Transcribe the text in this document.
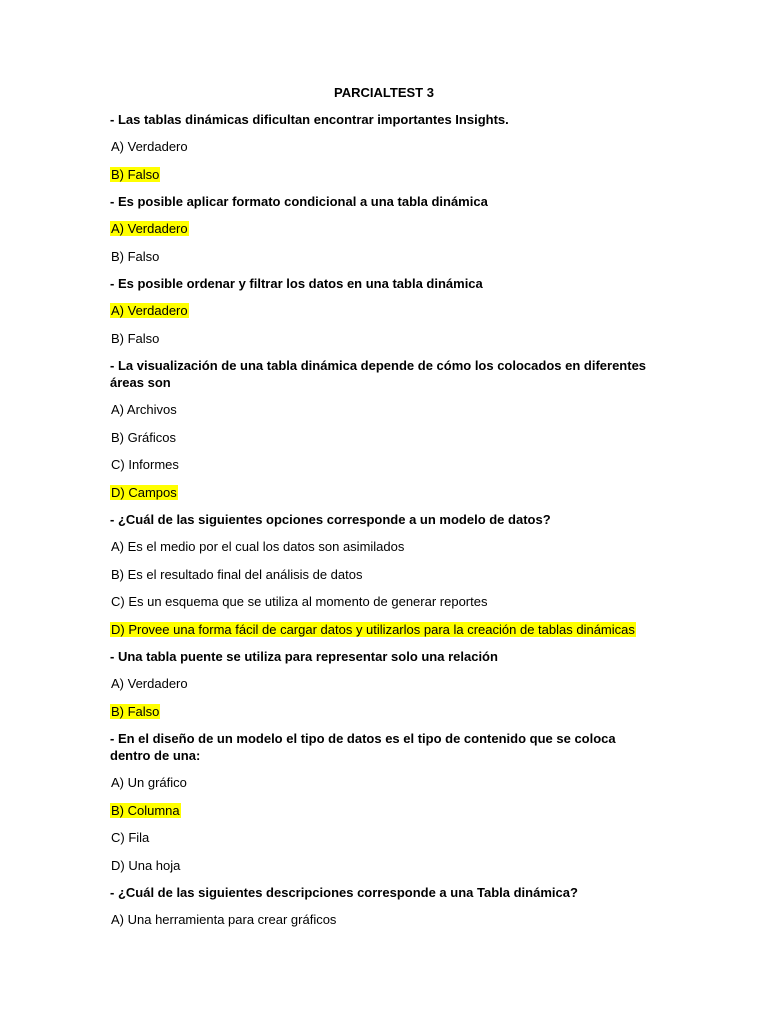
PARCIALTEST 3
- Las tablas dinámicas dificultan encontrar importantes Insights.
A) Verdadero
B) Falso
- Es posible aplicar formato condicional a una tabla dinámica
A) Verdadero
B) Falso
- Es posible ordenar y filtrar los datos en una tabla dinámica
A) Verdadero
B) Falso
- La visualización de una tabla dinámica depende de cómo los colocados en diferentes áreas son
A) Archivos
B) Gráficos
C) Informes
D) Campos
- ¿Cuál de las siguientes opciones corresponde a un modelo de datos?
A) Es el medio por el cual los datos son asimilados
B) Es el resultado final del análisis de datos
C) Es un esquema que se utiliza al momento de generar reportes
D) Provee una forma fácil de cargar datos y utilizarlos para la creación de tablas dinámicas
- Una tabla puente se utiliza para representar solo una relación
A) Verdadero
B) Falso
- En el diseño de un modelo el tipo de datos es el tipo de contenido que se coloca dentro de una:
A) Un gráfico
B) Columna
C) Fila
D) Una hoja
- ¿Cuál de las siguientes descripciones corresponde a una Tabla dinámica?
A) Una herramienta para crear gráficos
